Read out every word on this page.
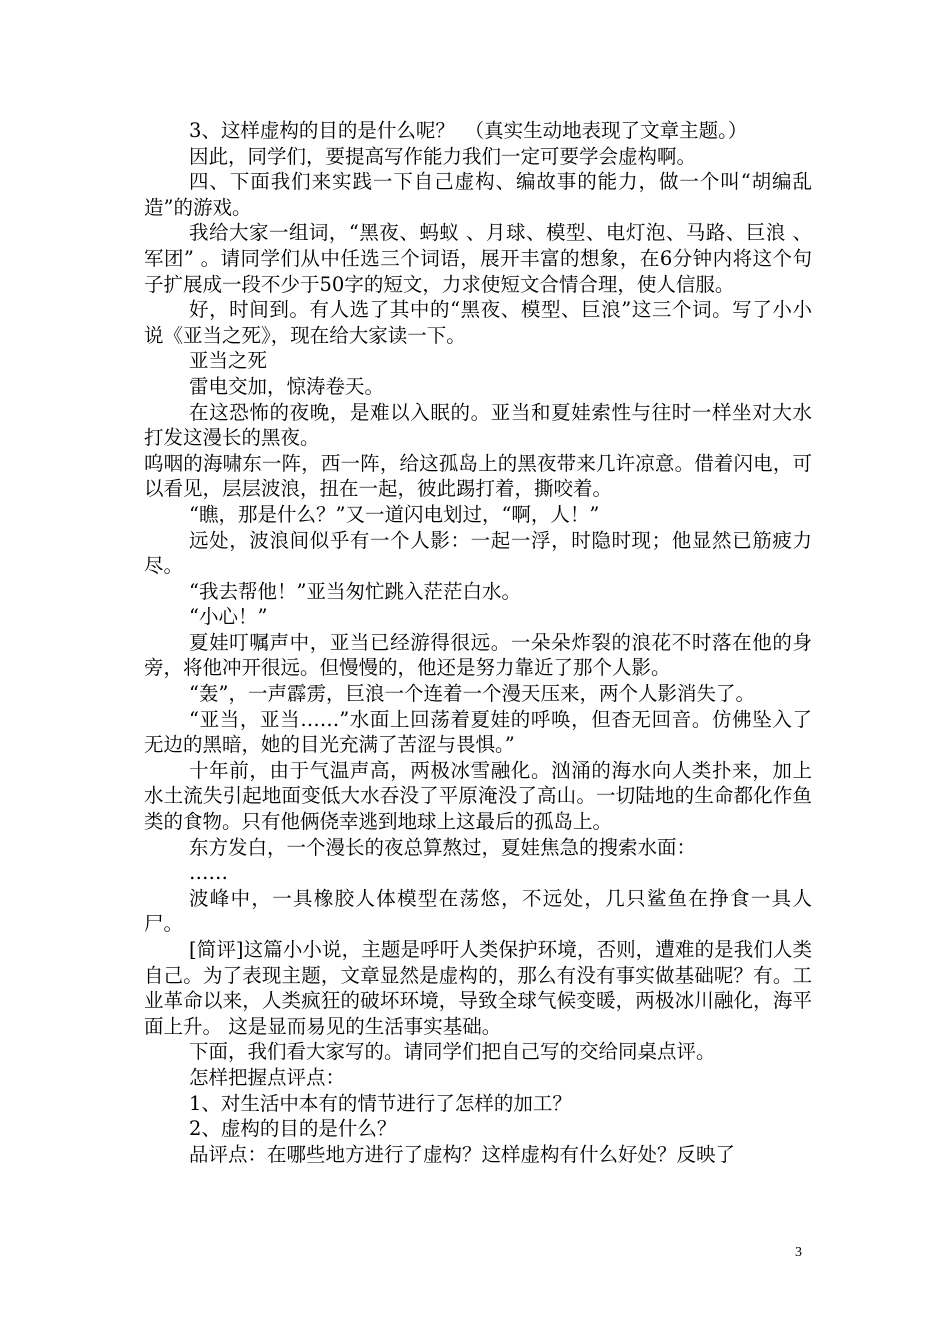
3、这样虚构的目的是什么呢？　（真实生动地表现了文章主题。）

因此，同学们，要提高写作能力我们一定可要学会虚构啊。

四、下面我们来实践一下自己虚构、编故事的能力，做一个叫“胡编乱造”的游戏。

我给大家一组词，“黑夜、蚂蚁 、月球、模型、电灯泡、马路、巨浪 、军团” 。请同学们从中任选三个词语，展开丰富的想象，在6分钟内将这个句子扩展成一段不少于50字的短文，力求使短文合情合理，使人信服。

好，时间到。有人选了其中的“黑夜、模型、巨浪”这三个词。写了小小说《亚当之死》，现在给大家读一下。

亚当之死

雷电交加，惊涛卷天。

在这恐怖的夜晚，是难以入眠的。亚当和夏娃索性与往时一样坐对大水打发这漫长的黑夜。

呜咽的海啸东一阵，西一阵，给这孤岛上的黑夜带来几许凉意。借着闪电，可以看见，层层波浪，扭在一起，彼此踢打着，撕咬着。

“瞧，那是什么？”又一道闪电划过，“啊，人！”

远处，波浪间似乎有一个人影：一起一浮，时隐时现；他显然已筋疲力尽。

“我去帮他！”亚当匆忙跳入茫茫白水。

“小心！”

夏娃叮嘱声中，亚当已经游得很远。一朵朵炸裂的浪花不时落在他的身旁，将他冲开很远。但慢慢的，他还是努力靠近了那个人影。

“轰”，一声霹雳，巨浪一个连着一个漫天压来，两个人影消失了。

“亚当，亚当……”水面上回荡着夏娃的呼唤，但杳无回音。仿佛坠入了无边的黑暗，她的目光充满了苦涩与畏惧。”

十年前，由于气温声高，两极冰雪融化。汹涌的海水向人类扑来，加上水土流失引起地面变低大水吞没了平原淹没了高山。一切陆地的生命都化作鱼类的食物。只有他俩侥幸逃到地球上这最后的孤岛上。

东方发白，一个漫长的夜总算熬过，夏娃焦急的搜索水面：

……

波峰中，一具橡胶人体模型在荡悠，不远处，几只鲨鱼在挣食一具人尸。

[简评]这篇小小说，主题是呼吁人类保护环境，否则，遭难的是我们人类自己。为了表现主题，文章显然是虚构的，那么有没有事实做基础呢？有。工业革命以来，人类疯狂的破坏环境，导致全球气候变暖，两极冰川融化，海平面上升。 这是显而易见的生活事实基础。

下面，我们看大家写的。请同学们把自己写的交给同桌点评。

怎样把握点评点：

1、对生活中本有的情节进行了怎样的加工？

2、虚构的目的是什么？

品评点：在哪些地方进行了虚构？这样虚构有什么好处？反映了

3
